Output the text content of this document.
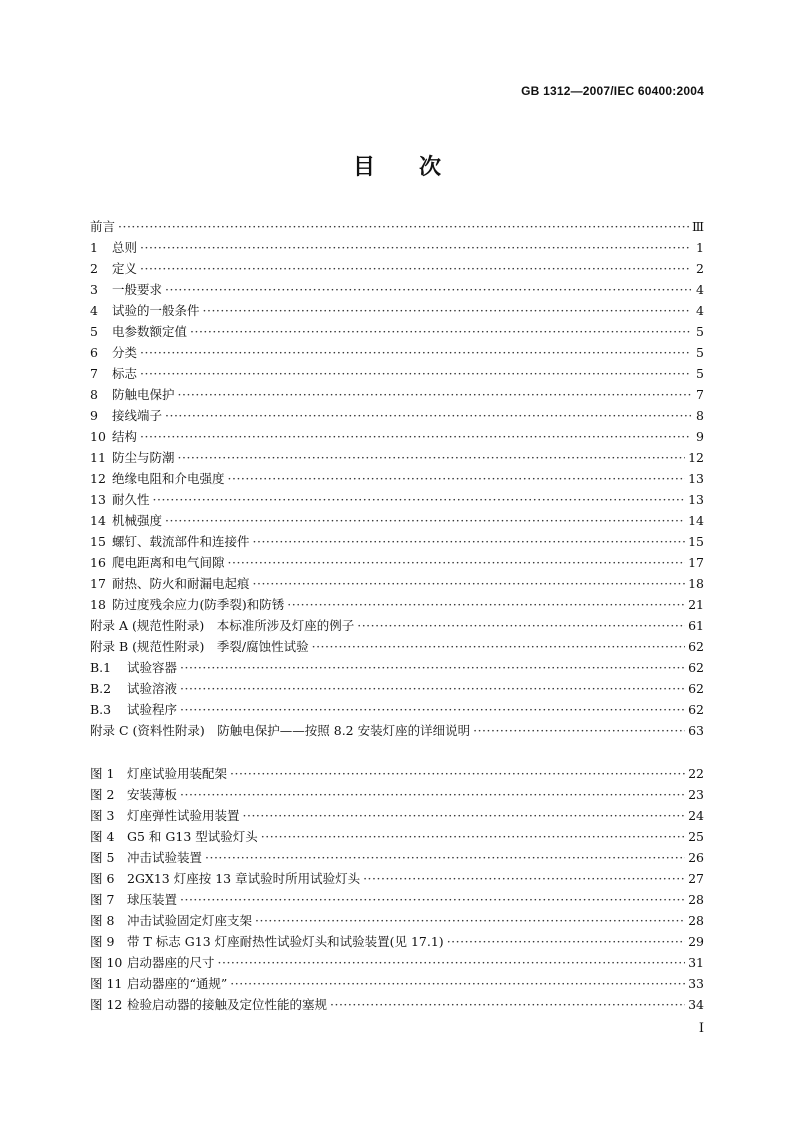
GB 1312—2007/IEC 60400:2004
目　　次
前言 ·····	Ⅲ
1	总则 ·····	1
2	定义 ·····	2
3	一般要求 ·····	4
4	试验的一般条件 ·····	4
5	电参数额定值 ·····	5
6	分类 ·····	5
7	标志 ·····	5
8	防触电保护 ·····	7
9	接线端子 ·····	8
10 结构 ·····	9
11 防尘与防潮 ·····	12
12 绝缘电阻和介电强度 ·····	13
13 耐久性 ·····	13
14 机械强度 ·····	14
15 螺钉、载流部件和连接件 ·····	15
16 爬电距离和电气间隙 ·····	17
17 耐热、防火和耐漏电起痕 ·····	18
18 防过度残余应力(防季裂)和防锈 ·····	21
附录 A (规范性附录)　本标准所涉及灯座的例子 ·····	61
附录 B (规范性附录)　季裂/腐蚀性试验 ·····	62
B.1	试验容器 ·····	62
B.2	试验溶液 ·····	62
B.3	试验程序 ·····	62
附录 C (资料性附录)　防触电保护——按照 8.2 安装灯座的详细说明 ·····	63
图 1	灯座试验用装配架 ·····	22
图 2	安装薄板 ·····	23
图 3	灯座弹性试验用装置 ·····	24
图 4	G5 和 G13 型试验灯头 ·····	25
图 5	冲击试验装置 ·····	26
图 6	2GX13 灯座按 13 章试验时所用试验灯头 ·····	27
图 7	球压装置 ·····	28
图 8	冲击试验固定灯座支架 ·····	28
图 9	带 T 标志 G13 灯座耐热性试验灯头和试验装置(见 17.1) ·····	29
图 10 启动器座的尺寸 ·····	31
图 11 启动器座的“通规” ·····	33
图 12 检验启动器的接触及定位性能的塞规 ·····	34
I
